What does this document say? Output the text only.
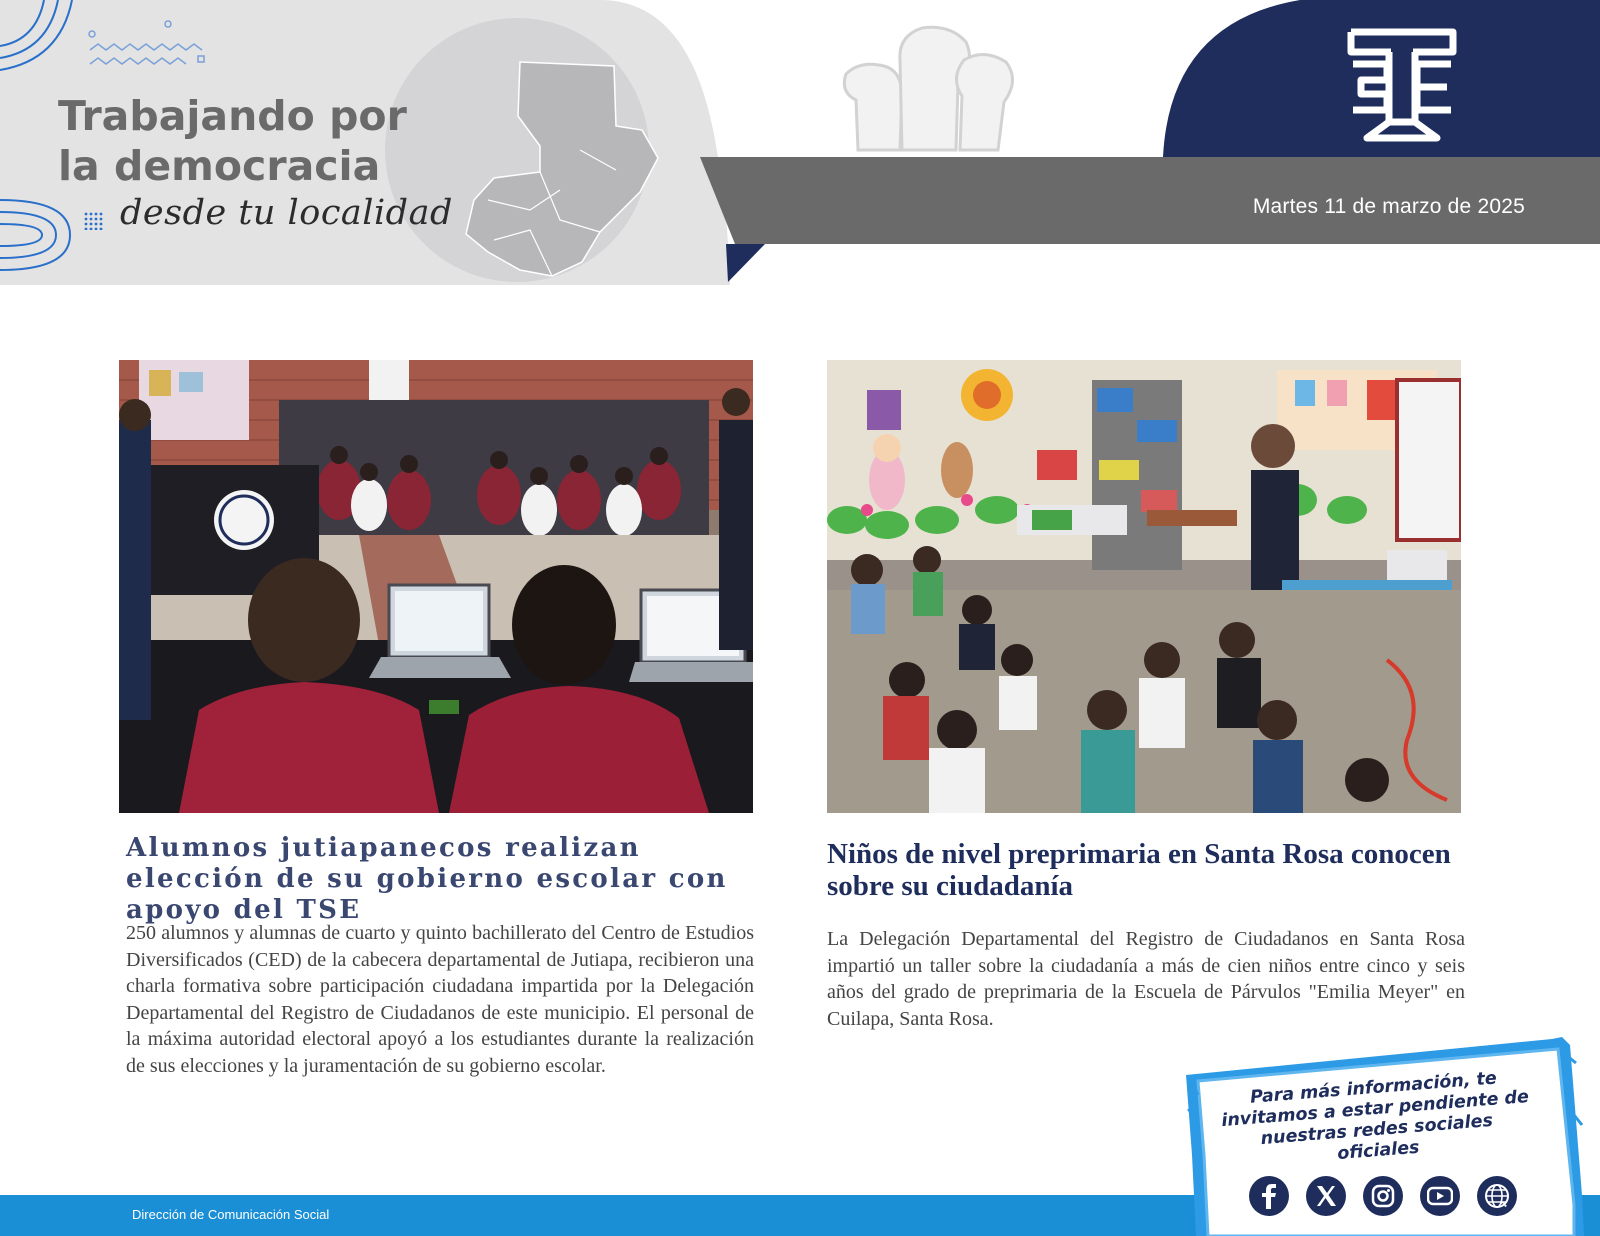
Trabajando por
la democracia
desde tu localidad	Martes 11 de marzo de 2025
Alumnos jutiapanecos realizan elección de su gobierno escolar con apoyo del TSE

250 alumnos y alumnas de cuarto y quinto bachillerato del Centro de Estudios Diversificados (CED) de la cabecera departamental de Jutiapa, recibieron una charla formativa sobre participación ciudadana impartida por la Delegación Departamental del Registro de Ciudadanos de este municipio. El personal de la máxima autoridad electoral apoyó a los estudiantes durante la realización de sus elecciones y la juramentación de su gobierno escolar.

Niños de nivel preprimaria en Santa Rosa conocen sobre su ciudadanía

La Delegación Departamental del Registro de Ciudadanos en Santa Rosa impartió un taller sobre la ciudadanía a más de cien niños entre cinco y seis años del grado de preprimaria de la Escuela de Párvulos "Emilia Meyer" en Cuilapa, Santa Rosa.

Dirección de Comunicación Social

Para más información, te invitamos a estar pendiente de nuestras redes sociales oficiales
